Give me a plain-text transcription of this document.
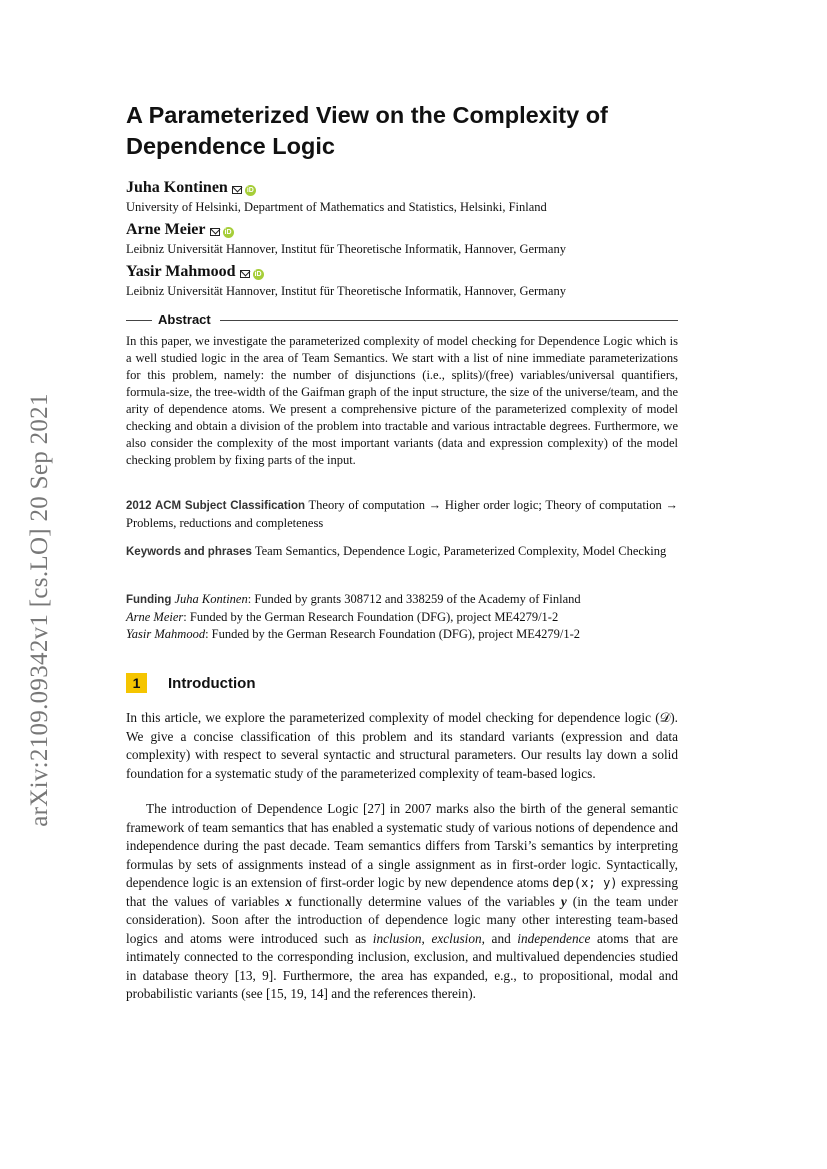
arXiv:2109.09342v1 [cs.LO] 20 Sep 2021
A Parameterized View on the Complexity of Dependence Logic
Juha Kontinen	iD
University of Helsinki, Department of Mathematics and Statistics, Helsinki, Finland
Arne Meier	iD
Leibniz Universität Hannover, Institut für Theoretische Informatik, Hannover, Germany
Yasir Mahmood	iD
Leibniz Universität Hannover, Institut für Theoretische Informatik, Hannover, Germany
Abstract
In this paper, we investigate the parameterized complexity of model checking for Dependence Logic which is a well studied logic in the area of Team Semantics. We start with a list of nine immediate parameterizations for this problem, namely: the number of disjunctions (i.e., splits)/(free) variables/universal quantifiers, formula-size, the tree-width of the Gaifman graph of the input structure, the size of the universe/team, and the arity of dependence atoms. We present a comprehensive picture of the parameterized complexity of model checking and obtain a division of the problem into tractable and various intractable degrees. Furthermore, we also consider the complexity of the most important variants (data and expression complexity) of the model checking problem by fixing parts of the input.
2012 ACM Subject Classification Theory of computation → Higher order logic; Theory of computation → Problems, reductions and completeness
Keywords and phrases Team Semantics, Dependence Logic, Parameterized Complexity, Model Checking
Funding Juha Kontinen: Funded by grants 308712 and 338259 of the Academy of Finland
Arne Meier: Funded by the German Research Foundation (DFG), project ME4279/1-2
Yasir Mahmood: Funded by the German Research Foundation (DFG), project ME4279/1-2
1	Introduction
In this article, we explore the parameterized complexity of model checking for dependence logic (𝒟). We give a concise classification of this problem and its standard variants (expression and data complexity) with respect to several syntactic and structural parameters. Our results lay down a solid foundation for a systematic study of the parameterized complexity of team-based logics.
The introduction of Dependence Logic [27] in 2007 marks also the birth of the general semantic framework of team semantics that has enabled a systematic study of various notions of dependence and independence during the past decade. Team semantics differs from Tarski’s semantics by interpreting formulas by sets of assignments instead of a single assignment as in first-order logic. Syntactically, dependence logic is an extension of first-order logic by new dependence atoms dep(x; y) expressing that the values of variables x functionally determine values of the variables y (in the team under consideration). Soon after the introduction of dependence logic many other interesting team-based logics and atoms were introduced such as inclusion, exclusion, and independence atoms that are intimately connected to the corresponding inclusion, exclusion, and multivalued dependencies studied in database theory [13, 9]. Furthermore, the area has expanded, e.g., to propositional, modal and probabilistic variants (see [15, 19, 14] and the references therein).
